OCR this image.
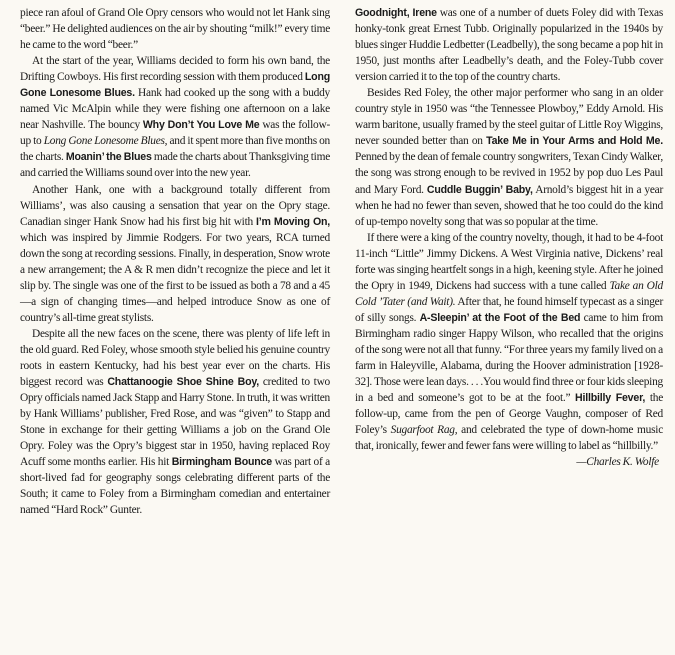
piece ran afoul of Grand Ole Opry censors who would not let Hank sing “beer.” He delighted audiences on the air by shouting “milk!” every time he came to the word “beer.”

At the start of the year, Williams decided to form his own band, the Drifting Cowboys. His first recording session with them produced Long Gone Lonesome Blues. Hank had cooked up the song with a buddy named Vic McAlpin while they were fishing one afternoon on a lake near Nashville. The bouncy Why Don’t You Love Me was the follow-up to Long Gone Lonesome Blues, and it spent more than five months on the charts. Moanin’ the Blues made the charts about Thanksgiving time and carried the Williams sound over into the new year.

Another Hank, one with a background totally different from Williams’, was also causing a sensation that year on the Opry stage. Canadian singer Hank Snow had his first big hit with I’m Moving On, which was inspired by Jimmie Rodgers. For two years, RCA turned down the song at recording sessions. Finally, in desperation, Snow wrote a new arrangement; the A & R men didn’t recognize the piece and let it slip by. The single was one of the first to be issued as both a 78 and a 45—a sign of changing times—and helped introduce Snow as one of country’s all-time great stylists.

Despite all the new faces on the scene, there was plenty of life left in the old guard. Red Foley, whose smooth style belied his genuine country roots in eastern Kentucky, had his best year ever on the charts. His biggest record was Chattanoogie Shoe Shine Boy, credited to two Opry officials named Jack Stapp and Harry Stone. In truth, it was written by Hank Williams’ publisher, Fred Rose, and was “given” to Stapp and Stone in exchange for their getting Williams a job on the Grand Ole Opry. Foley was the Opry’s biggest star in 1950, having replaced Roy Acuff some months earlier. His hit Birmingham Bounce was part of a short-lived fad for geography songs celebrating different parts of the South; it came to Foley from a Birmingham comedian and entertainer named “Hard Rock” Gunter.

Goodnight, Irene was one of a number of duets Foley did with Texas honky-tonk great Ernest Tubb. Originally popularized in the 1940s by blues singer Huddie Ledbetter (Leadbelly), the song became a pop hit in 1950, just months after Leadbelly’s death, and the Foley-Tubb cover version carried it to the top of the country charts.

Besides Red Foley, the other major performer who sang in an older country style in 1950 was “the Tennessee Plowboy,” Eddy Arnold. His warm baritone, usually framed by the steel guitar of Little Roy Wiggins, never sounded better than on Take Me in Your Arms and Hold Me. Penned by the dean of female country songwriters, Texan Cindy Walker, the song was strong enough to be revived in 1952 by pop duo Les Paul and Mary Ford. Cuddle Buggin’ Baby, Arnold’s biggest hit in a year when he had no fewer than seven, showed that he too could do the kind of up-tempo novelty song that was so popular at the time.

If there were a king of the country novelty, though, it had to be 4-foot 11-inch “Little” Jimmy Dickens. A West Virginia native, Dickens’ real forte was singing heartfelt songs in a high, keening style. After he joined the Opry in 1949, Dickens had success with a tune called Take an Old Cold ’Tater (and Wait). After that, he found himself typecast as a singer of silly songs. A-Sleepin’ at the Foot of the Bed came to him from Birmingham radio singer Happy Wilson, who recalled that the origins of the song were not all that funny. “For three years my family lived on a farm in Haleyville, Alabama, during the Hoover administration [1928-32]. Those were lean days. . . .You would find three or four kids sleeping in a bed and someone’s got to be at the foot.” Hillbilly Fever, the follow-up, came from the pen of George Vaughn, composer of Red Foley’s Sugarfoot Rag, and celebrated the type of down-home music that, ironically, fewer and fewer fans were willing to label as “hillbilly.”

—Charles K. Wolfe
